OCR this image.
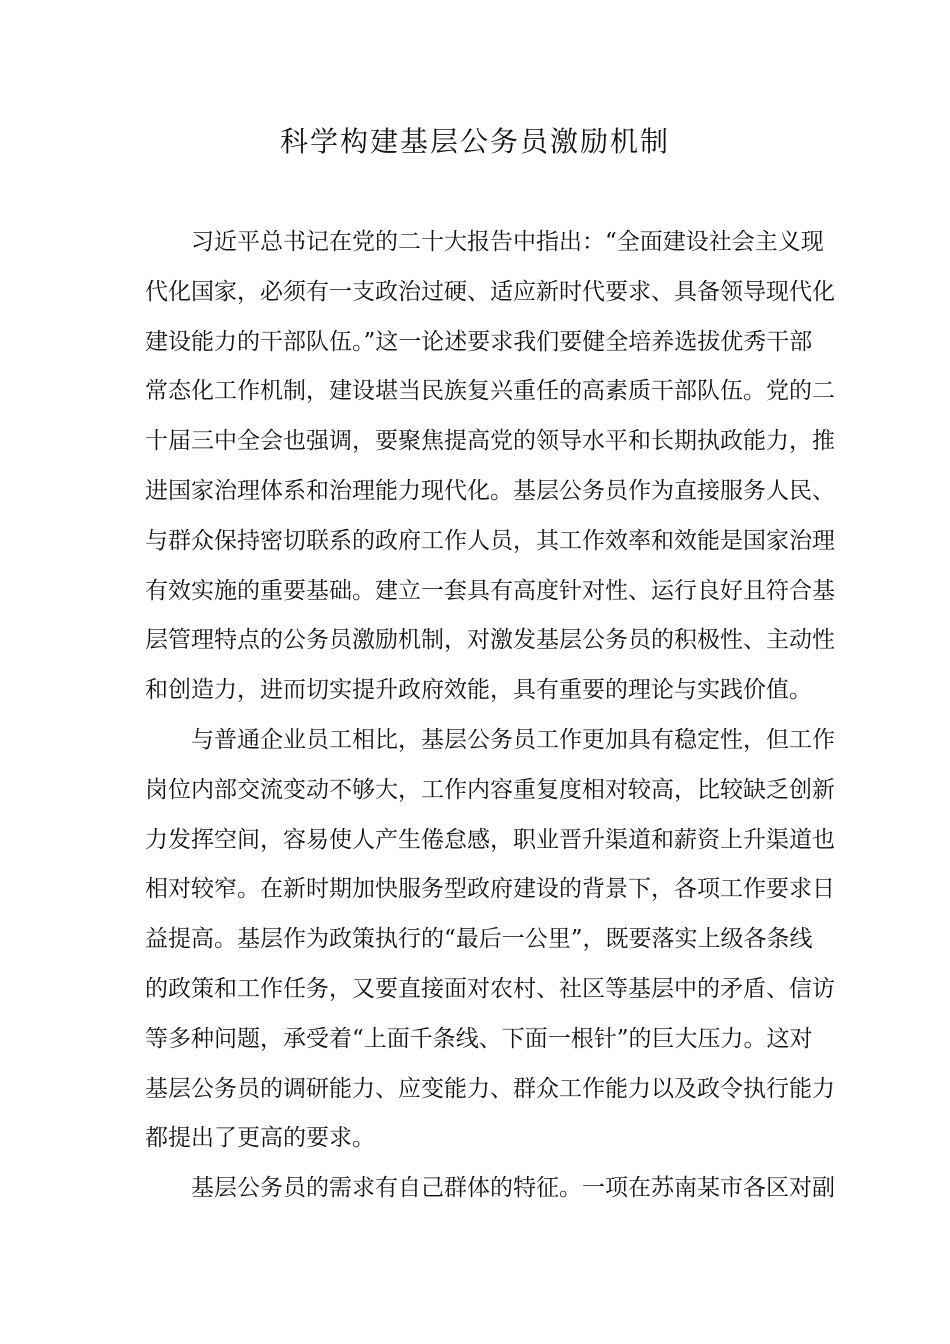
科学构建基层公务员激励机制
习近平总书记在党的二十大报告中指出：“全面建设社会主义现
代化国家，必须有一支政治过硬、适应新时代要求、具备领导现代化
建设能力的干部队伍。”这一论述要求我们要健全培养选拔优秀干部
常态化工作机制，建设堪当民族复兴重任的高素质干部队伍。党的二
十届三中全会也强调，要聚焦提高党的领导水平和长期执政能力，推
进国家治理体系和治理能力现代化。基层公务员作为直接服务人民、
与群众保持密切联系的政府工作人员，其工作效率和效能是国家治理
有效实施的重要基础。建立一套具有高度针对性、运行良好且符合基
层管理特点的公务员激励机制，对激发基层公务员的积极性、主动性
和创造力，进而切实提升政府效能，具有重要的理论与实践价值。
与普通企业员工相比，基层公务员工作更加具有稳定性，但工作
岗位内部交流变动不够大，工作内容重复度相对较高，比较缺乏创新
力发挥空间，容易使人产生倦怠感，职业晋升渠道和薪资上升渠道也
相对较窄。在新时期加快服务型政府建设的背景下，各项工作要求日
益提高。基层作为政策执行的“最后一公里”，既要落实上级各条线
的政策和工作任务，又要直接面对农村、社区等基层中的矛盾、信访
等多种问题，承受着“上面千条线、下面一根针”的巨大压力。这对
基层公务员的调研能力、应变能力、群众工作能力以及政令执行能力
都提出了更高的要求。
基层公务员的需求有自己群体的特征。一项在苏南某市各区对副
